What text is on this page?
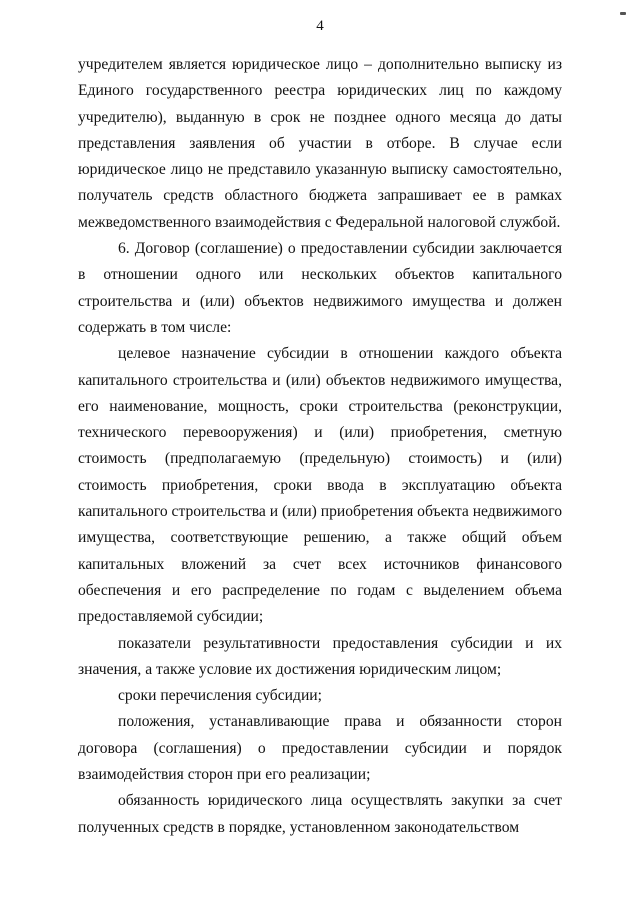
4

учредителем является юридическое лицо – дополнительно выписку из Единого государственного реестра юридических лиц по каждому учредителю), выданную в срок не позднее одного месяца до даты представления заявления об участии в отборе. В случае если юридическое лицо не представило указанную выписку самостоятельно, получатель средств областного бюджета запрашивает ее в рамках межведомственного взаимодействия с Федеральной налоговой службой.

6. Договор (соглашение) о предоставлении субсидии заключается в отношении одного или нескольких объектов капитального строительства и (или) объектов недвижимого имущества и должен содержать в том числе:

целевое назначение субсидии в отношении каждого объекта капитального строительства и (или) объектов недвижимого имущества, его наименование, мощность, сроки строительства (реконструкции, технического перевооружения) и (или) приобретения, сметную стоимость (предполагаемую (предельную) стоимость) и (или) стоимость приобретения, сроки ввода в эксплуатацию объекта капитального строительства и (или) приобретения объекта недвижимого имущества, соответствующие решению, а также общий объем капитальных вложений за счет всех источников финансового обеспечения и его распределение по годам с выделением объема предоставляемой субсидии;

показатели результативности предоставления субсидии и их значения, а также условие их достижения юридическим лицом;

сроки перечисления субсидии;

положения, устанавливающие права и обязанности сторон договора (соглашения) о предоставлении субсидии и порядок взаимодействия сторон при его реализации;

обязанность юридического лица осуществлять закупки за счет полученных средств в порядке, установленном законодательством
